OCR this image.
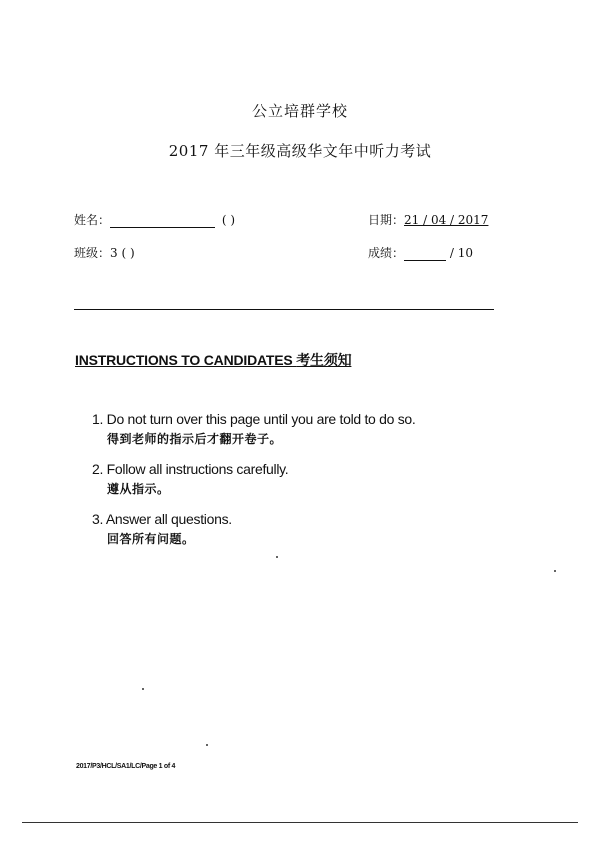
公立培群学校
2017 年三年级高级华文年中听力考试
姓名：	( )	日期：21 / 04 / 2017
班级：3 ( )	成绩：	/ 10
INSTRUCTIONS TO CANDIDATES 考生须知
1. Do not turn over this page until you are told to do so.
得到老师的指示后才翻开卷子。
2. Follow all instructions carefully.
遵从指示。
3. Answer all questions.
回答所有问题。
2017/P3/HCL/SA1/LC/Page 1 of 4
